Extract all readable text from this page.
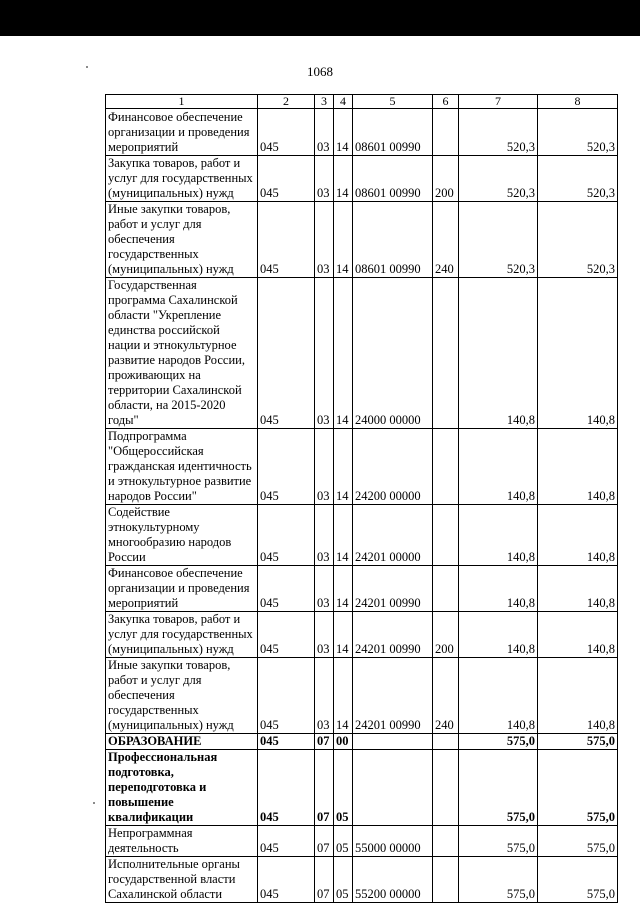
1068
1	2	3	4	5	6	7	8
Финансовое обеспечение организации и проведения мероприятий	045	03	14	08601 00990		520,3	520,3
Закупка товаров, работ и услуг для государственных (муниципальных) нужд	045	03	14	08601 00990	200	520,3	520,3
Иные закупки товаров, работ и услуг для обеспечения государственных (муниципальных) нужд	045	03	14	08601 00990	240	520,3	520,3
Государственная программа Сахалинской области "Укрепление единства российской нации и этнокультурное развитие народов России, проживающих на территории Сахалинской области, на 2015-2020 годы"	045	03	14	24000 00000		140,8	140,8
Подпрограмма "Общероссийская гражданская идентичность и этнокультурное развитие народов России"	045	03	14	24200 00000		140,8	140,8
Содействие этнокультурному многообразию народов России	045	03	14	24201 00000		140,8	140,8
Финансовое обеспечение организации и проведения мероприятий	045	03	14	24201 00990		140,8	140,8
Закупка товаров, работ и услуг для государственных (муниципальных) нужд	045	03	14	24201 00990	200	140,8	140,8
Иные закупки товаров, работ и услуг для обеспечения государственных (муниципальных) нужд	045	03	14	24201 00990	240	140,8	140,8
ОБРАЗОВАНИЕ	045	07	00			575,0	575,0
Профессиональная подготовка, переподготовка и повышение квалификации	045	07	05			575,0	575,0
Непрограммная деятельность	045	07	05	55000 00000		575,0	575,0
Исполнительные органы государственной власти Сахалинской области	045	07	05	55200 00000		575,0	575,0
